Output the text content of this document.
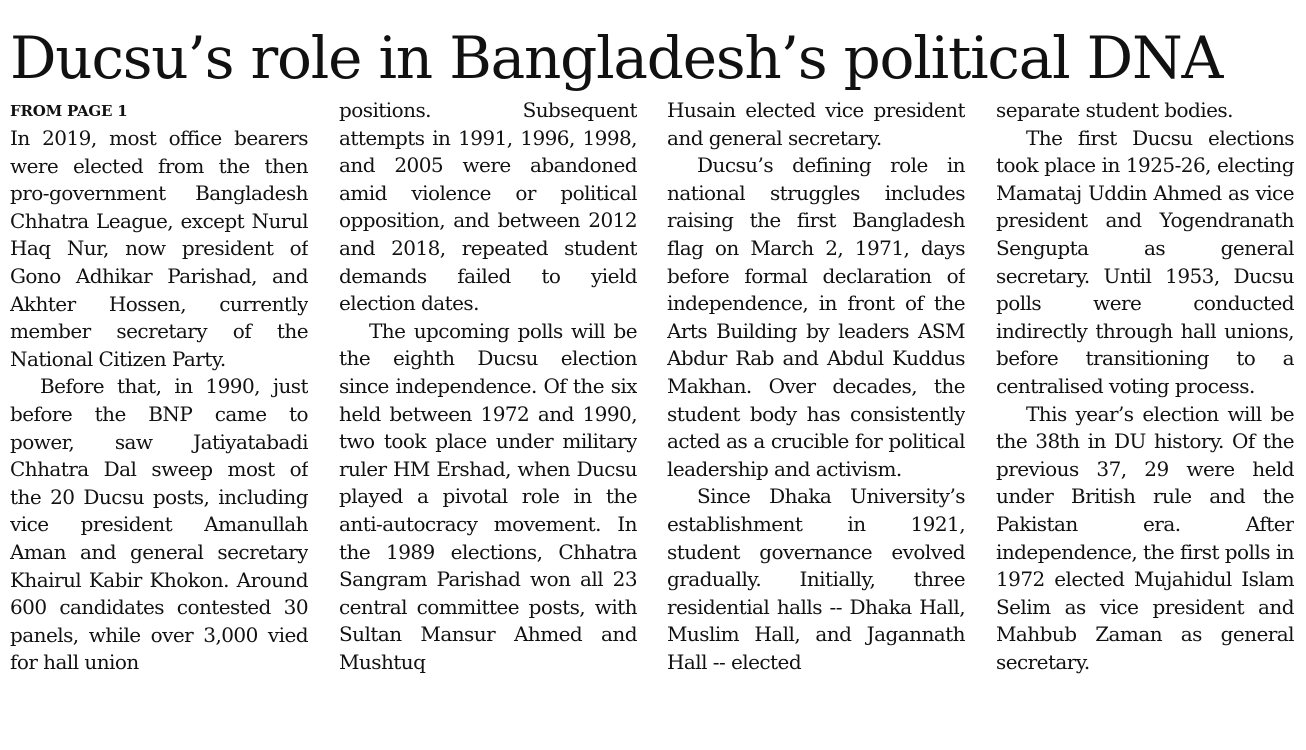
Ducsu’s role in Bangladesh’s political DNA
FROM PAGE 1

In 2019, most office bearers were elected from the then pro-government Bangladesh Chhatra League, except Nurul Haq Nur, now president of Gono Adhikar Parishad, and Akhter Hossen, currently member secretary of the National Citizen Party.

Before that, in 1990, just before the BNP came to power, saw Jatiyatabadi Chhatra Dal sweep most of the 20 Ducsu posts, including vice president Amanullah Aman and general secretary Khairul Kabir Khokon. Around 600 candidates contested 30 panels, while over 3,000 vied for hall union

positions. Subsequent attempts in 1991, 1996, 1998, and 2005 were abandoned amid violence or political opposition, and between 2012 and 2018, repeated student demands failed to yield election dates.

The upcoming polls will be the eighth Ducsu election since independence. Of the six held between 1972 and 1990, two took place under military ruler HM Ershad, when Ducsu played a pivotal role in the anti-autocracy movement. In the 1989 elections, Chhatra Sangram Parishad won all 23 central committee posts, with Sultan Mansur Ahmed and Mushtuq

Husain elected vice president and general secretary.

Ducsu’s defining role in national struggles includes raising the first Bangladesh flag on March 2, 1971, days before formal declaration of independence, in front of the Arts Building by leaders ASM Abdur Rab and Abdul Kuddus Makhan. Over decades, the student body has consistently acted as a crucible for political leadership and activism.

Since Dhaka University’s establishment in 1921, student governance evolved gradually. Initially, three residential halls -- Dhaka Hall, Muslim Hall, and Jagannath Hall -- elected

separate student bodies.

The first Ducsu elections took place in 1925-26, electing Mamataj Uddin Ahmed as vice president and Yogendranath Sengupta as general secretary. Until 1953, Ducsu polls were conducted indirectly through hall unions, before transitioning to a centralised voting process.

This year’s election will be the 38th in DU history. Of the previous 37, 29 were held under British rule and the Pakistan era. After independence, the first polls in 1972 elected Mujahidul Islam Selim as vice president and Mahbub Zaman as general secretary.
